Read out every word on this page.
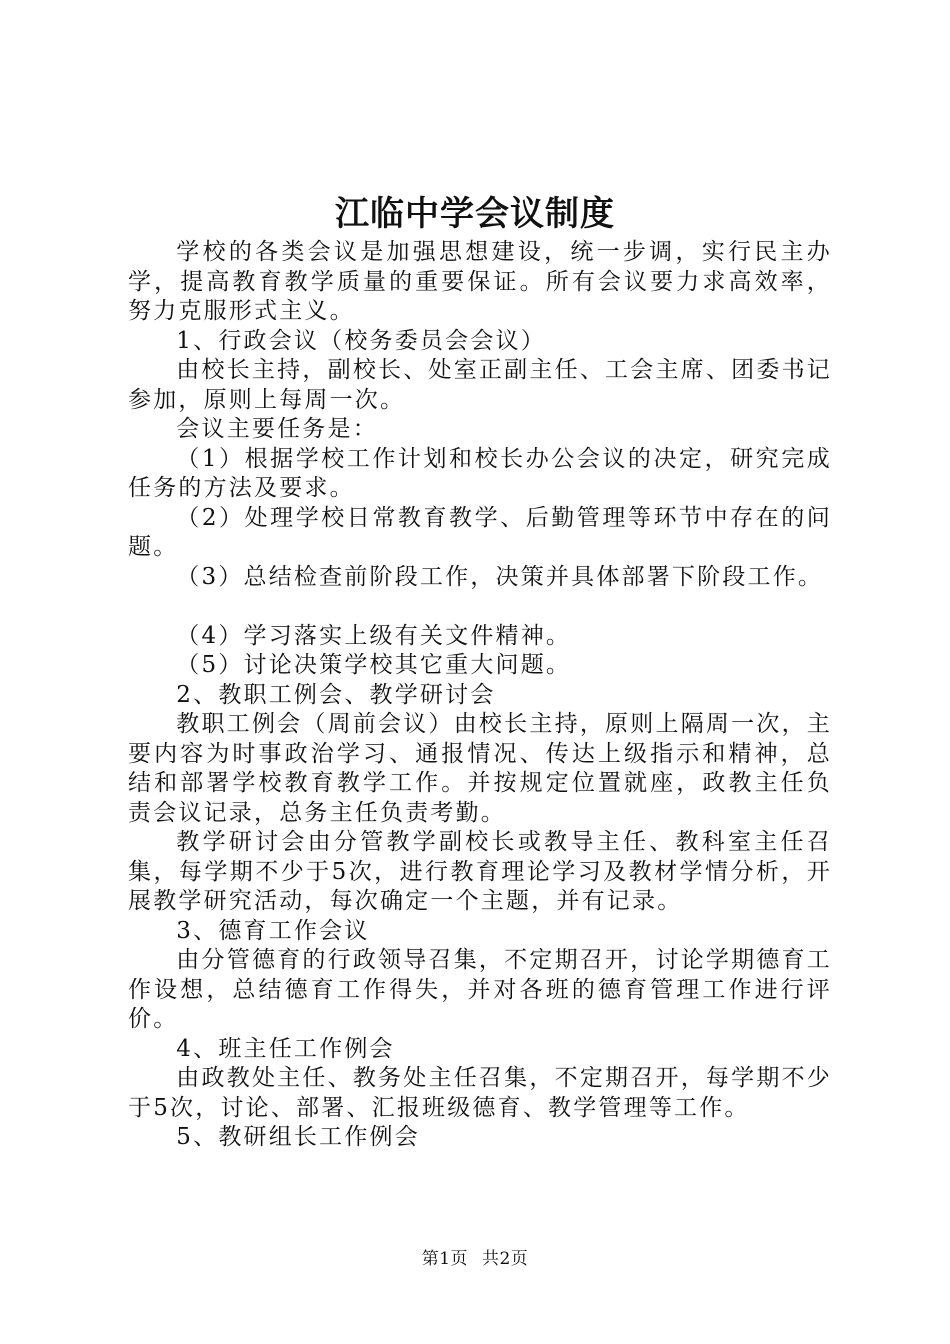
江临中学会议制度

学校的各类会议是加强思想建设，统一步调，实行民主办学，提高教育教学质量的重要保证。所有会议要力求高效率，努力克服形式主义。

1、行政会议（校务委员会会议）

由校长主持，副校长、处室正副主任、工会主席、团委书记参加，原则上每周一次。

会议主要任务是：

（1）根据学校工作计划和校长办公会议的决定，研究完成任务的方法及要求。

（2）处理学校日常教育教学、后勤管理等环节中存在的问题。

（3）总结检查前阶段工作，决策并具体部署下阶段工作。

（4）学习落实上级有关文件精神。

（5）讨论决策学校其它重大问题。

2、教职工例会、教学研讨会

教职工例会（周前会议）由校长主持，原则上隔周一次，主要内容为时事政治学习、通报情况、传达上级指示和精神，总结和部署学校教育教学工作。并按规定位置就座，政教主任负责会议记录，总务主任负责考勤。

教学研讨会由分管教学副校长或教导主任、教科室主任召集，每学期不少于5次，进行教育理论学习及教材学情分析，开展教学研究活动，每次确定一个主题，并有记录。

3、德育工作会议

由分管德育的行政领导召集，不定期召开，讨论学期德育工作设想，总结德育工作得失，并对各班的德育管理工作进行评价。

4、班主任工作例会

由政教处主任、教务处主任召集，不定期召开，每学期不少于5次，讨论、部署、汇报班级德育、教学管理等工作。

5、教研组长工作例会

第1页 共2页
